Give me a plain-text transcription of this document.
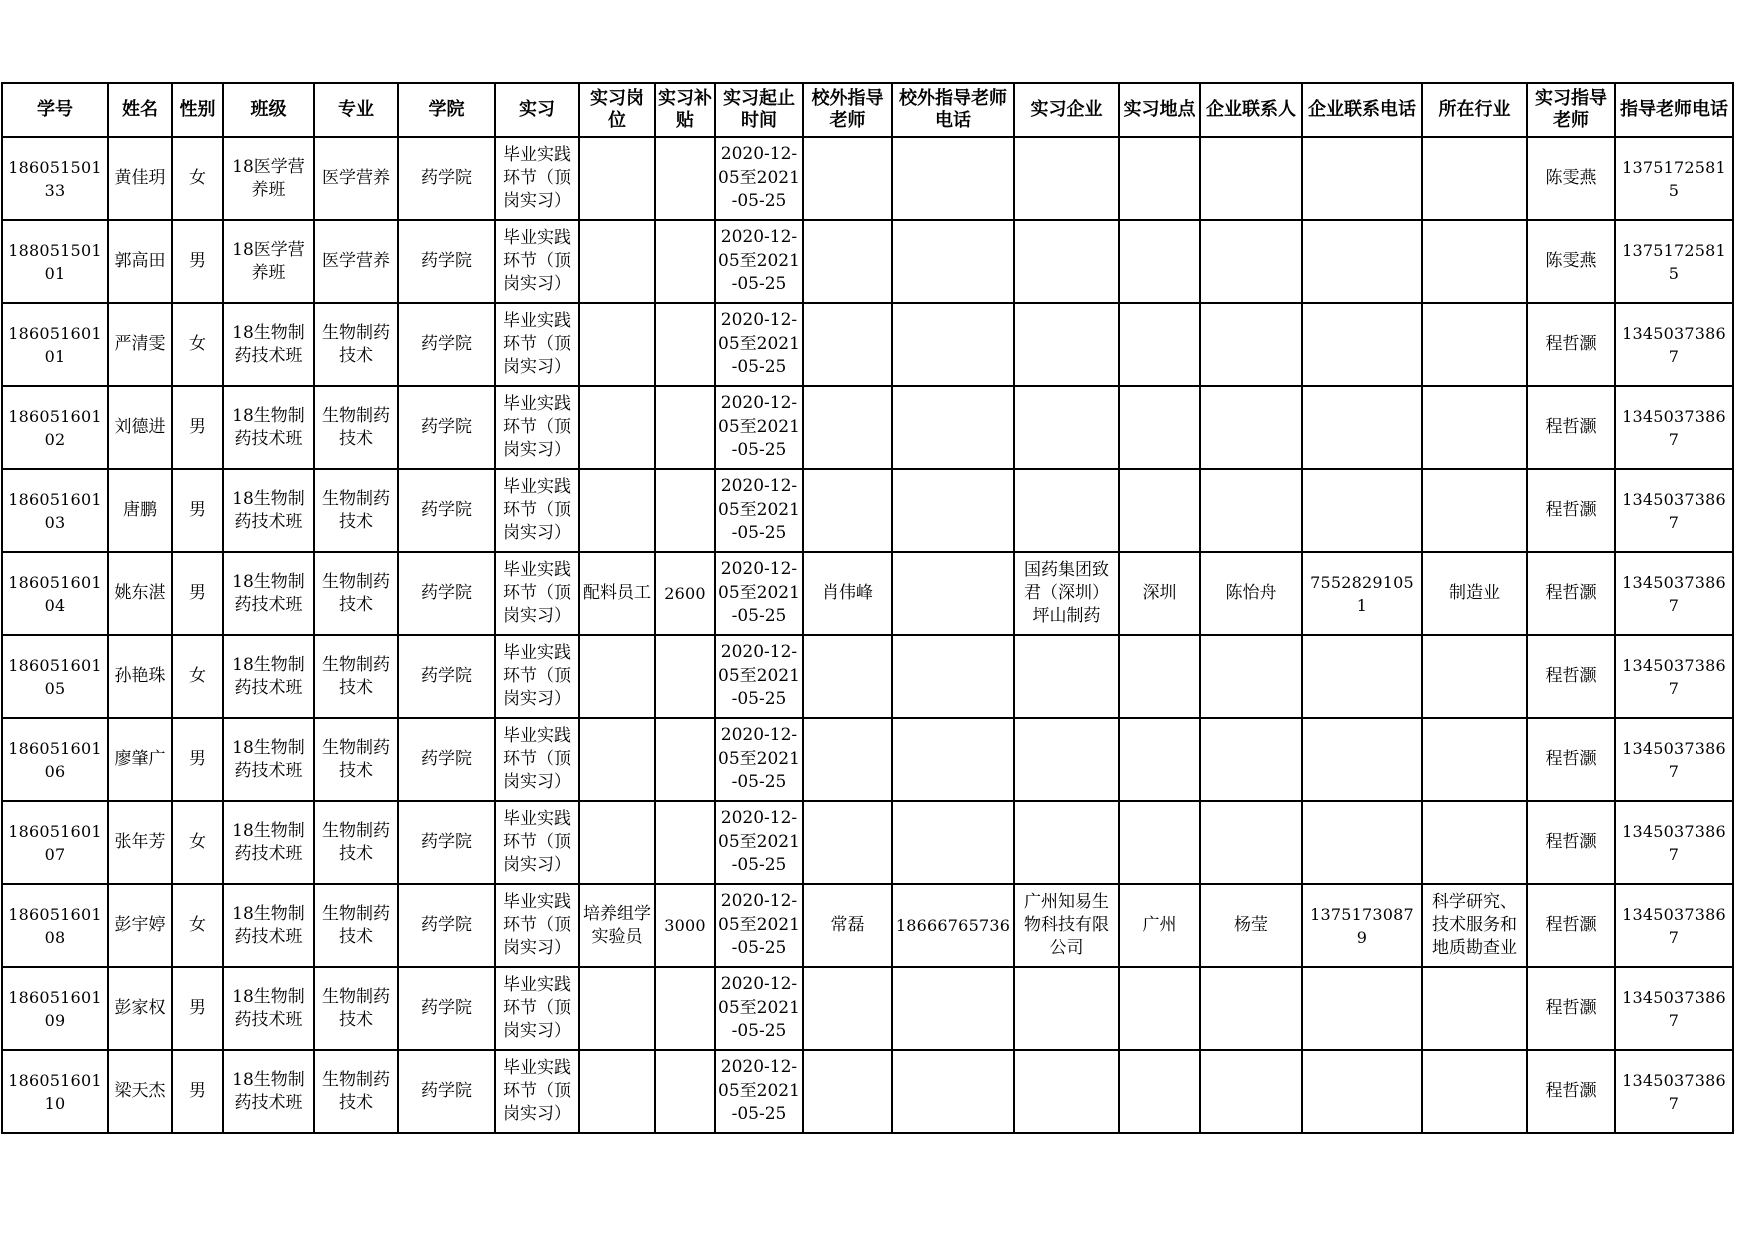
学号	姓名	性别	班级	专业	学院	实习	实习岗位	实习补贴	实习起止时间	校外指导老师	校外指导老师电话	实习企业	实习地点	企业联系人	企业联系电话	所在行业	实习指导老师	指导老师电话

18605150133	黄佳玥	女	18医学营养班	医学营养	药学院	毕业实践环节（顶岗实习）			2020-12-05至2021-05-25								陈雯燕	13751725815

18805150101	郭高田	男	18医学营养班	医学营养	药学院	毕业实践环节（顶岗实习）			2020-12-05至2021-05-25								陈雯燕	13751725815

18605160101	严清雯	女	18生物制药技术班	生物制药技术	药学院	毕业实践环节（顶岗实习）			2020-12-05至2021-05-25								程哲灏	13450373867

18605160102	刘德进	男	18生物制药技术班	生物制药技术	药学院	毕业实践环节（顶岗实习）			2020-12-05至2021-05-25								程哲灏	13450373867

18605160103	唐鹏	男	18生物制药技术班	生物制药技术	药学院	毕业实践环节（顶岗实习）			2020-12-05至2021-05-25								程哲灏	13450373867

18605160104	姚东湛	男	18生物制药技术班	生物制药技术	药学院	毕业实践环节（顶岗实习）	配料员工	2600	2020-12-05至2021-05-25	肖伟峰		国药集团致君（深圳）坪山制药	深圳	陈怡舟	75528291051	制造业	程哲灏	13450373867

18605160105	孙艳珠	女	18生物制药技术班	生物制药技术	药学院	毕业实践环节（顶岗实习）			2020-12-05至2021-05-25								程哲灏	13450373867

18605160106	廖肇广	男	18生物制药技术班	生物制药技术	药学院	毕业实践环节（顶岗实习）			2020-12-05至2021-05-25								程哲灏	13450373867

18605160107	张年芳	女	18生物制药技术班	生物制药技术	药学院	毕业实践环节（顶岗实习）			2020-12-05至2021-05-25								程哲灏	13450373867

18605160108	彭宇婷	女	18生物制药技术班	生物制药技术	药学院	毕业实践环节（顶岗实习）	培养组学实验员	3000	2020-12-05至2021-05-25	常磊	18666765736	广州知易生物科技有限公司	广州	杨莹	13751730879	科学研究、技术服务和地质勘查业	程哲灏	13450373867

18605160109	彭家权	男	18生物制药技术班	生物制药技术	药学院	毕业实践环节（顶岗实习）			2020-12-05至2021-05-25								程哲灏	13450373867

18605160110	梁天杰	男	18生物制药技术班	生物制药技术	药学院	毕业实践环节（顶岗实习）			2020-12-05至2021-05-25								程哲灏	13450373867
